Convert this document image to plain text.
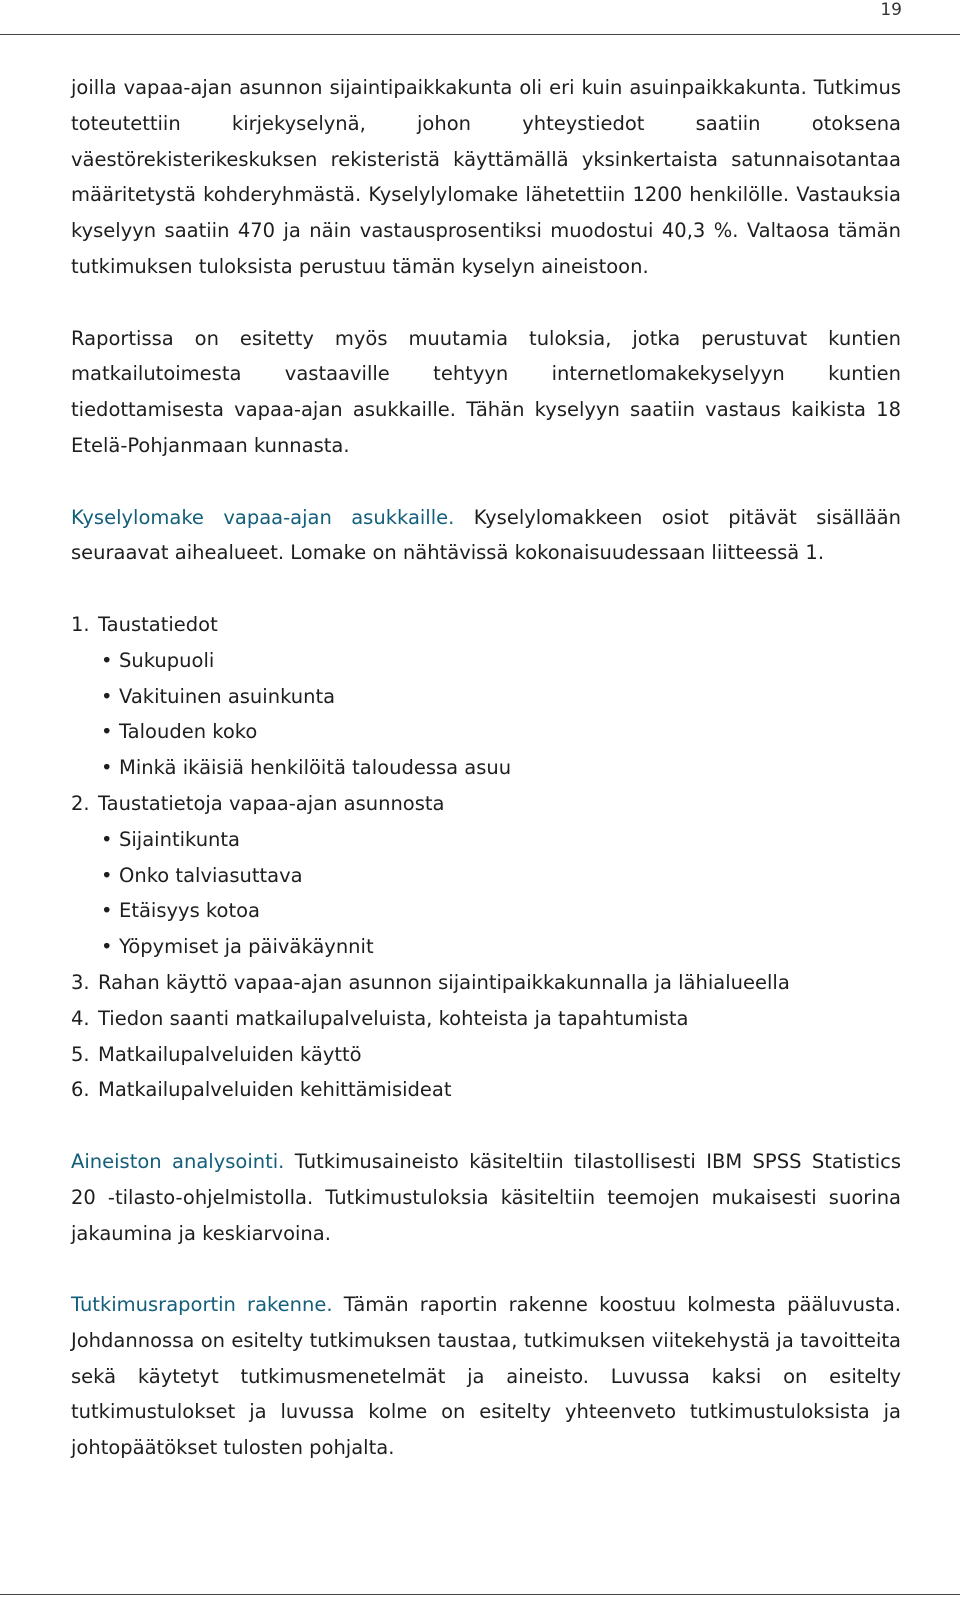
19

joilla vapaa-ajan asunnon sijaintipaikkakunta oli eri kuin asuinpaikkakunta. Tutkimus toteutettiin kirjekyselynä, johon yhteystiedot saatiin otoksena väestörekisterikeskuksen rekisteristä käyttämällä yksinkertaista satunnaisotantaa määritetystä kohderyhmästä. Kyselylylomake lähetettiin 1200 henkilölle. Vastauksia kyselyyn saatiin 470 ja näin vastausprosentiksi muodostui 40,3 %. Valtaosa tämän tutkimuksen tuloksista perustuu tämän kyselyn aineistoon.

Raportissa on esitetty myös muutamia tuloksia, jotka perustuvat kuntien matkailutoimesta vastaaville tehtyyn internetlomakekyselyyn kuntien tiedottamisesta vapaa-ajan asukkaille. Tähän kyselyyn saatiin vastaus kaikista 18 Etelä-Pohjanmaan kunnasta.

Kyselylomake vapaa-ajan asukkaille. Kyselylomakkeen osiot pitävät sisällään seuraavat aihealueet. Lomake on nähtävissä kokonaisuudessaan liitteessä 1.

1. Taustatiedot
• Sukupuoli
• Vakituinen asuinkunta
• Talouden koko
• Minkä ikäisiä henkilöitä taloudessa asuu
2. Taustatietoja vapaa-ajan asunnosta
• Sijaintikunta
• Onko talviasuttava
• Etäisyys kotoa
• Yöpymiset ja päiväkäynnit
3. Rahan käyttö vapaa-ajan asunnon sijaintipaikkakunnalla ja lähialueella
4. Tiedon saanti matkailupalveluista, kohteista ja tapahtumista
5. Matkailupalveluiden käyttö
6. Matkailupalveluiden kehittämisideat

Aineiston analysointi. Tutkimusaineisto käsiteltiin tilastollisesti IBM SPSS Statistics 20 -tilasto-ohjelmistolla. Tutkimustuloksia käsiteltiin teemojen mukaisesti suorina jakaumina ja keskiarvoina.

Tutkimusraportin rakenne. Tämän raportin rakenne koostuu kolmesta pääluvusta. Johdannossa on esitelty tutkimuksen taustaa, tutkimuksen viitekehystä ja tavoitteita sekä käytetyt tutkimusmenetelmät ja aineisto. Luvussa kaksi on esitelty tutkimustulokset ja luvussa kolme on esitelty yhteenveto tutkimustuloksista ja johtopäätökset tulosten pohjalta.
